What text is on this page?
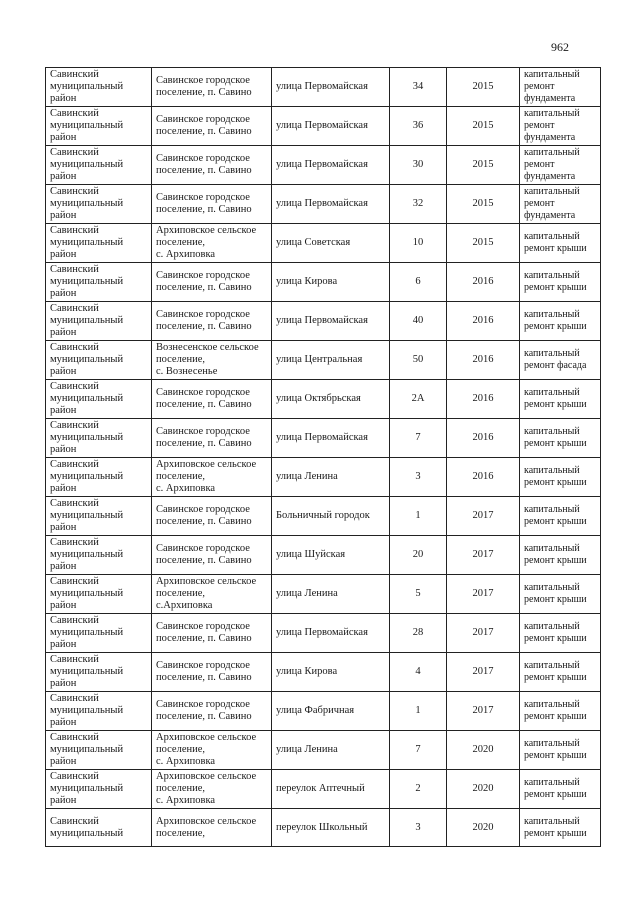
962
Савинский
муниципальный
район	Савинское городское
поселение, п. Савино	улица Первомайская	34	2015	капитальный
ремонт
фундамента

Савинский
муниципальный
район	Савинское городское
поселение, п. Савино	улица Первомайская	36	2015	капитальный
ремонт
фундамента

Савинский
муниципальный
район	Савинское городское
поселение, п. Савино	улица Первомайская	30	2015	капитальный
ремонт
фундамента

Савинский
муниципальный
район	Савинское городское
поселение, п. Савино	улица Первомайская	32	2015	капитальный
ремонт
фундамента

Савинский
муниципальный
район	Архиповское сельское
поселение,
с. Архиповка	улица Советская	10	2015	капитальный
ремонт крыши

Савинский
муниципальный
район	Савинское городское
поселение, п. Савино	улица Кирова	6	2016	капитальный
ремонт крыши

Савинский
муниципальный
район	Савинское городское
поселение, п. Савино	улица Первомайская	40	2016	капитальный
ремонт крыши

Савинский
муниципальный
район	Вознесенское сельское
поселение,
с. Вознесенье	улица Центральная	50	2016	капитальный
ремонт фасада

Савинский
муниципальный
район	Савинское городское
поселение, п. Савино	улица Октябрьская	2А	2016	капитальный
ремонт крыши

Савинский
муниципальный
район	Савинское городское
поселение, п. Савино	улица Первомайская	7	2016	капитальный
ремонт крыши

Савинский
муниципальный
район	Архиповское сельское
поселение,
с. Архиповка	улица Ленина	3	2016	капитальный
ремонт крыши

Савинский
муниципальный
район	Савинское городское
поселение, п. Савино	Больничный городок	1	2017	капитальный
ремонт крыши

Савинский
муниципальный
район	Савинское городское
поселение, п. Савино	улица Шуйская	20	2017	капитальный
ремонт крыши

Савинский
муниципальный
район	Архиповское сельское
поселение,
с.Архиповка	улица Ленина	5	2017	капитальный
ремонт крыши

Савинский
муниципальный
район	Савинское городское
поселение, п. Савино	улица Первомайская	28	2017	капитальный
ремонт крыши

Савинский
муниципальный
район	Савинское городское
поселение, п. Савино	улица Кирова	4	2017	капитальный
ремонт крыши

Савинский
муниципальный
район	Савинское городское
поселение, п. Савино	улица Фабричная	1	2017	капитальный
ремонт крыши

Савинский
муниципальный
район	Архиповское сельское
поселение,
с. Архиповка	улица Ленина	7	2020	капитальный
ремонт крыши

Савинский
муниципальный
район	Архиповское сельское
поселение,
с. Архиповка	переулок Аптечный	2	2020	капитальный
ремонт крыши

Савинский
муниципальный	Архиповское сельское
поселение,	переулок Школьный	3	2020	капитальный
ремонт крыши
